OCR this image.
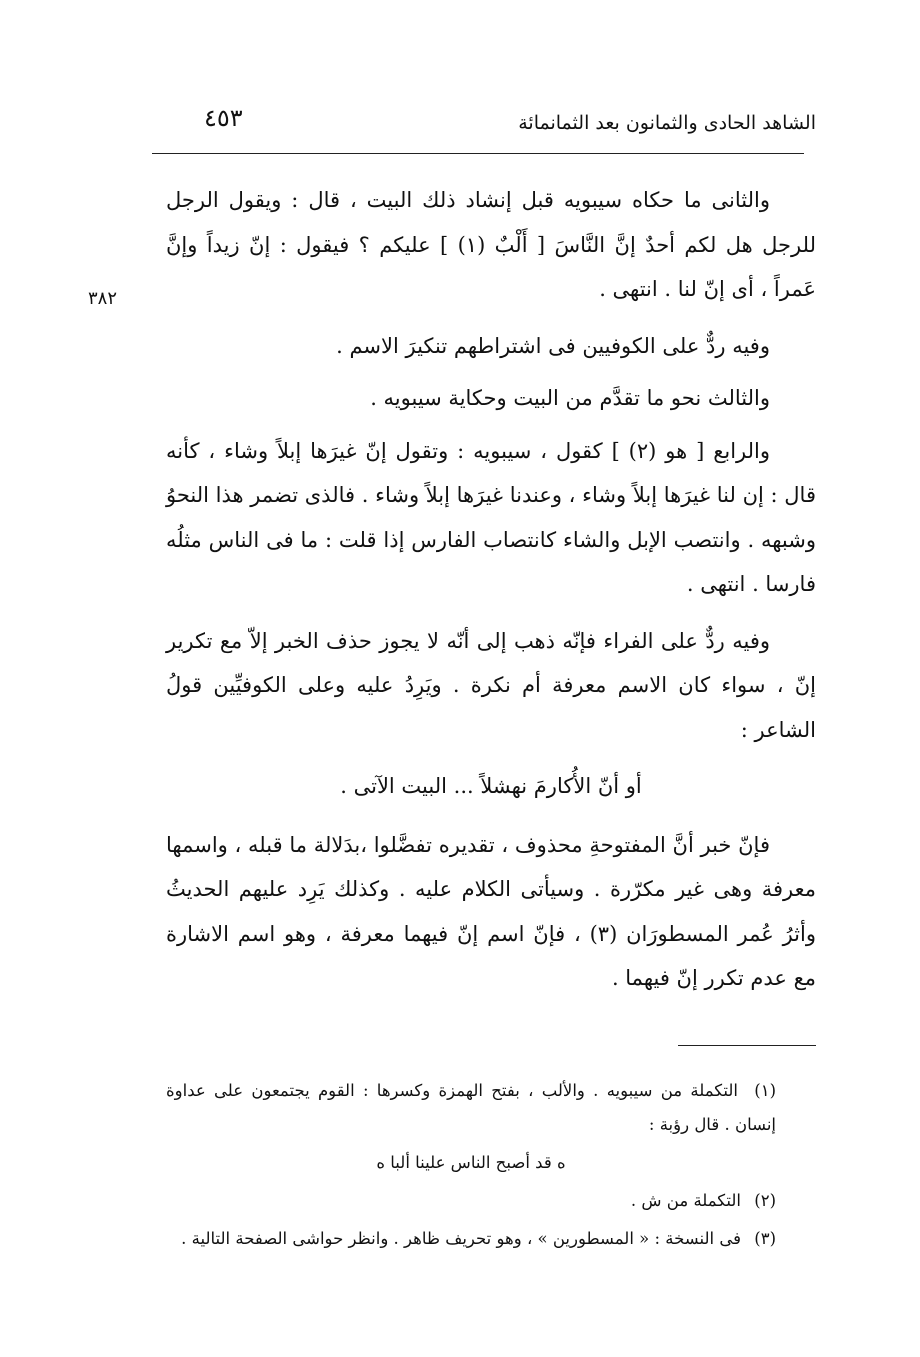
الشاهد الحادى والثمانون بعد الثمانمائة
٤٥٣
٣٨٢

والثانى ما حكاه سيبويه قبل إنشاد ذلك البيت ، قال : ويقول الرجل للرجل هل لكم أحدٌ إنَّ النَّاسَ [ أَلْبٌ (١) ] عليكم ؟ فيقول : إنّ زيداً وإنَّ عَمراً ، أى إنّ لنا . انتهى .

وفيه ردٌّ على الكوفيين فى اشتراطهم تنكيرَ الاسم .

والثالث نحو ما تقدَّم من البيت وحكاية سيبويه .

والرابع [ هو (٢) ] كقول ، سيبويه : وتقول إنّ غيرَها إبلاً وشاء ، كأنه قال : إن لنا غيرَها إبلاً وشاء ، وعندنا غيرَها إبلاً وشاء . فالذى تضمر هذا النحوُ وشبهه . وانتصب الإبل والشاء كانتصاب الفارس إذا قلت : ما فى الناس مثلُه فارسا . انتهى .

وفيه ردٌّ على الفراء فإنّه ذهب إلى أنّه لا يجوز حذف الخبر إلاّ مع تكرير إنّ ، سواء كان الاسم معرفة أم نكرة . ويَرِدُ عليه وعلى الكوفيِّين قولُ الشاعر :

أو أنّ الأُكارمَ نهشلاً ... البيت الآتى .

فإنّ خبر أنَّ المفتوحةِ محذوف ، تقديره تفضَّلوا ،بدَلالة ما قبله ، واسمها معرفة وهى غير مكرّرة . وسيأتى الكلام عليه . وكذلك يَرِد عليهم الحديثُ وأثرُ عُمر المسطورَان (٣) ، فإنّ اسم إنّ فيهما معرفة ، وهو اسم الاشارة مع عدم تكرر إنّ فيهما .

(١) التكملة من سيبويه . والألب ، بفتح الهمزة وكسرها : القوم يجتمعون على عداوة إنسان . قال رؤبة :
ه قد أصبح الناس علينا ألبا ه
(٢) التكملة من ش .
(٣) فى النسخة : « المسطورين » ، وهو تحريف ظاهر . وانظر حواشى الصفحة التالية .
